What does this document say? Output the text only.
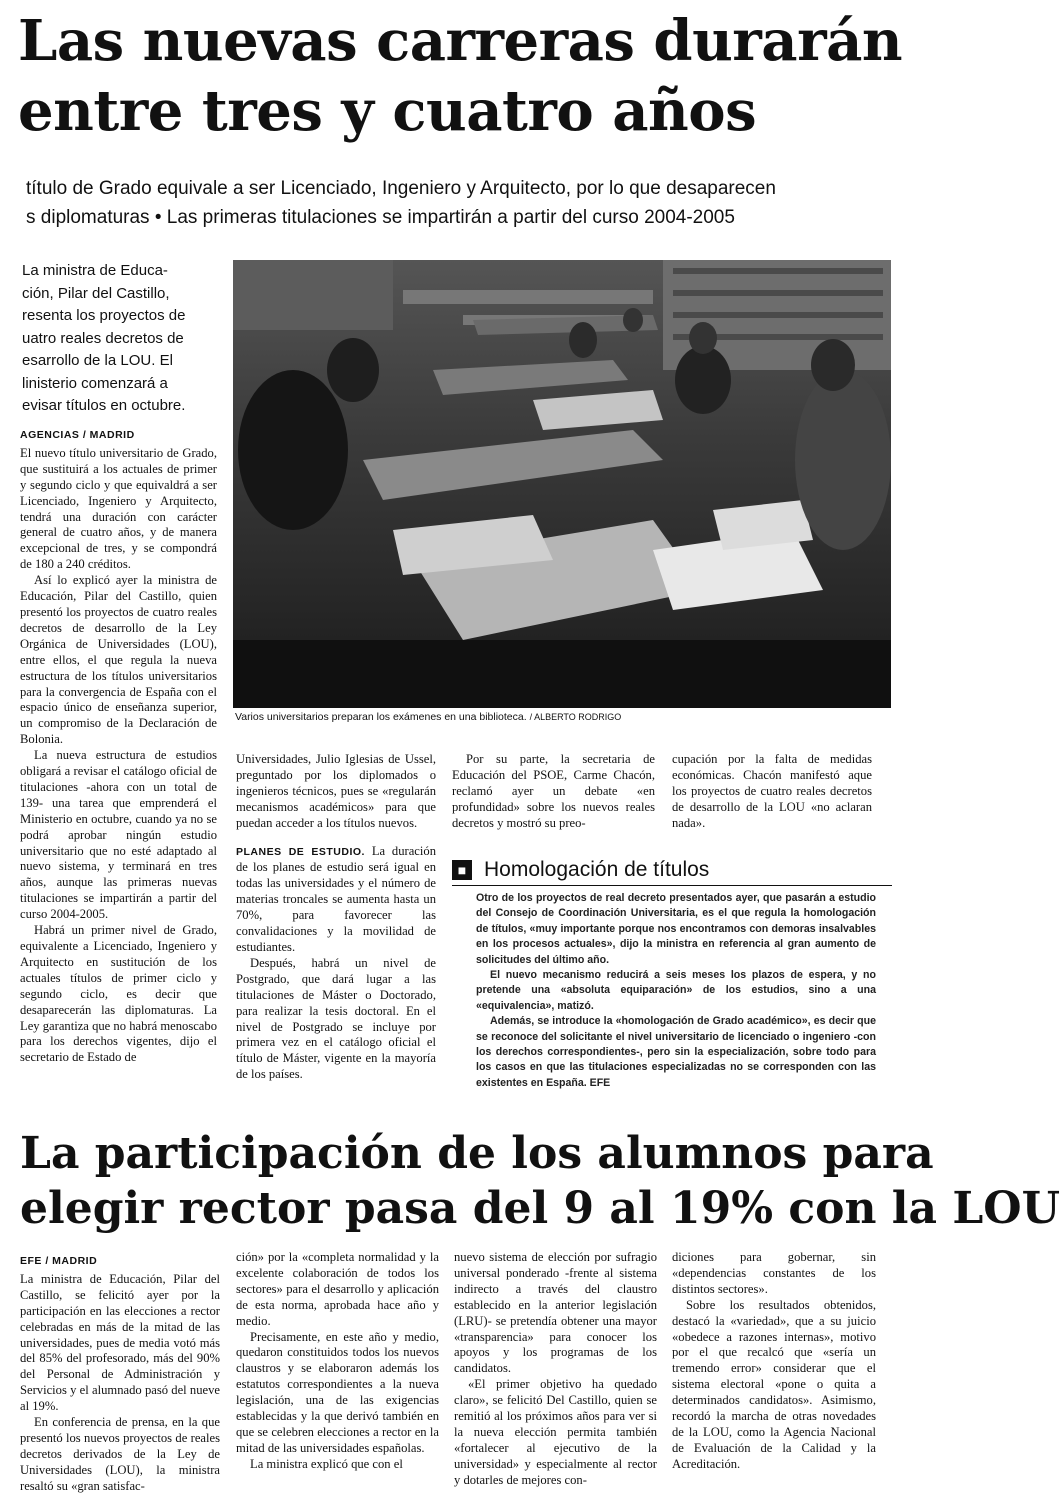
Las nuevas carreras durarán
entre tres y cuatro años
título de Grado equivale a ser Licenciado, Ingeniero y Arquitecto, por lo que desaparecen
s diplomaturas • Las primeras titulaciones se impartirán a partir del curso 2004-2005
La ministra de Educa-
ción, Pilar del Castillo,
resenta los proyectos de
uatro reales decretos de
esarrollo de la LOU. El
linisterio comenzará a
evisar títulos en octubre.
AGENCIAS / MADRID

El nuevo título universitario de Grado, que sustituirá a los actuales de primer y segundo ciclo y que equivaldrá a ser Licenciado, Ingeniero y Arquitecto, tendrá una duración con carácter general de cuatro años, y de manera excepcional de tres, y se compondrá de 180 a 240 créditos.

Así lo explicó ayer la ministra de Educación, Pilar del Castillo, quien presentó los proyectos de cuatro reales decretos de desarrollo de la Ley Orgánica de Universidades (LOU), entre ellos, el que regula la nueva estructura de los títulos universitarios para la convergencia de España con el espacio único de enseñanza superior, un compromiso de la Declaración de Bolonia.

La nueva estructura de estudios obligará a revisar el catálogo oficial de titulaciones -ahora con un total de 139- una tarea que emprenderá el Ministerio en octubre, cuando ya no se podrá aprobar ningún estudio universitario que no esté adaptado al nuevo sistema, y terminará en tres años, aunque las primeras nuevas titulaciones se impartirán a partir del curso 2004-2005.

Habrá un primer nivel de Grado, equivalente a Licenciado, Ingeniero y Arquitecto en sustitución de los actuales títulos de primer ciclo y segundo ciclo, es decir que desaparecerán las diplomaturas. La Ley garantiza que no habrá menoscabo para los derechos vigentes, dijo el secretario de Estado de

Varios universitarios preparan los exámenes en una biblioteca. / ALBERTO RODRIGO

Universidades, Julio Iglesias de Ussel, preguntado por los diplomados o ingenieros técnicos, pues se «regularán mecanismos académicos» para que puedan acceder a los títulos nuevos.

PLANES DE ESTUDIO. La duración de los planes de estudio será igual en todas las universidades y el número de materias troncales se aumenta hasta un 70%, para favorecer las convalidaciones y la movilidad de estudiantes.

Después, habrá un nivel de Postgrado, que dará lugar a las titulaciones de Máster o Doctorado, para realizar la tesis doctoral. En el nivel de Postgrado se incluye por primera vez en el catálogo oficial el título de Máster, vigente en la mayoría de los países.

Por su parte, la secretaria de Educación del PSOE, Carme Chacón, reclamó ayer un debate «en profundidad» sobre los nuevos reales decretos y mostró su preo-

cupación por la falta de medidas económicas. Chacón manifestó aque los proyectos de cuatro reales decretos de desarrollo de la LOU «no aclaran nada».

■ Homologación de títulos

Otro de los proyectos de real decreto presentados ayer, que pasarán a estudio del Consejo de Coordinación Universitaria, es el que regula la homologación de títulos, «muy importante porque nos encontramos con demoras insalvables en los procesos actuales», dijo la ministra en referencia al gran aumento de solicitudes del último año.

El nuevo mecanismo reducirá a seis meses los plazos de espera, y no pretende una «absoluta equiparación» de los estudios, sino a una «equivalencia», matizó.

Además, se introduce la «homologación de Grado académico», es decir que se reconoce del solicitante el nivel universitario de licenciado o ingeniero -con los derechos correspondientes-, pero sin la especialización, sobre todo para los casos en que las titulaciones especializadas no se corresponden con las existentes en España. EFE

La participación de los alumnos para
elegir rector pasa del 9 al 19% con la LOU
EFE / MADRID

La ministra de Educación, Pilar del Castillo, se felicitó ayer por la participación en las elecciones a rector celebradas en más de la mitad de las universidades, pues de media votó más del 85% del profesorado, más del 90% del Personal de Administración y Servicios y el alumnado pasó del nueve al 19%.

En conferencia de prensa, en la que presentó los nuevos proyectos de reales decretos derivados de la Ley de Universidades (LOU), la ministra resaltó su «gran satisfac-

ción» por la «completa normalidad y la excelente colaboración de todos los sectores» para el desarrollo y aplicación de esta norma, aprobada hace año y medio.

Precisamente, en este año y medio, quedaron constituidos todos los nuevos claustros y se elaboraron además los estatutos correspondientes a la nueva legislación, una de las exigencias establecidas y la que derivó también en que se celebren elecciones a rector en la mitad de las universidades españolas.

La ministra explicó que con el

nuevo sistema de elección por sufragio universal ponderado -frente al sistema indirecto a través del claustro establecido en la anterior legislación (LRU)- se pretendía obtener una mayor «transparencia» para conocer los apoyos y los programas de los candidatos.

«El primer objetivo ha quedado claro», se felicitó Del Castillo, quien se remitió al los próximos años para ver si la nueva elección permita también «fortalecer al ejecutivo de la universidad» y especialmente al rector y dotarles de mejores con-

diciones para gobernar, sin «dependencias constantes de los distintos sectores».

Sobre los resultados obtenidos, destacó la «variedad», que a su juicio «obedece a razones internas», motivo por el que recalcó que «sería un tremendo error» considerar que el sistema electoral «pone o quita a determinados candidatos». Asimismo, recordó la marcha de otras novedades de la LOU, como la Agencia Nacional de Evaluación de la Calidad y la Acreditación.
